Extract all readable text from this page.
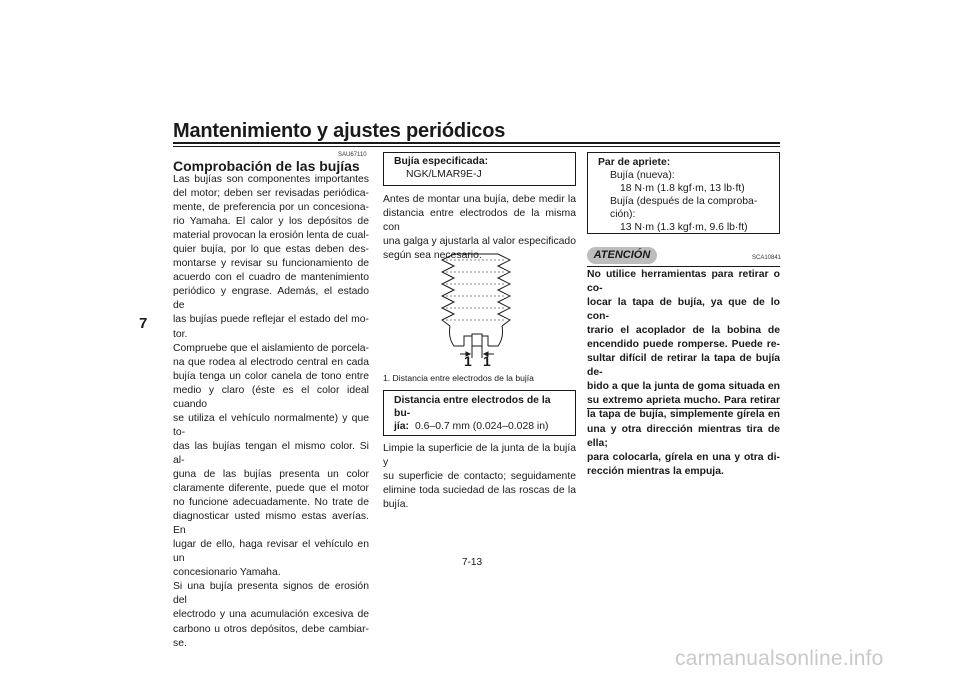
Mantenimiento y ajustes periódicos
7
SAU67110
Comprobación de las bujías
Las bujías son componentes importantes
del motor; deben ser revisadas periódica-
mente, de preferencia por un concesiona-
rio Yamaha. El calor y los depósitos de
material provocan la erosión lenta de cual-
quier bujía, por lo que estas deben des-
montarse y revisar su funcionamiento de
acuerdo con el cuadro de mantenimiento
periódico y engrase. Además, el estado de
las bujías puede reflejar el estado del mo-
tor.
Compruebe que el aislamiento de porcela-
na que rodea al electrodo central en cada
bujía tenga un color canela de tono entre
medio y claro (éste es el color ideal cuando
se utiliza el vehículo normalmente) y que to-
das las bujías tengan el mismo color. Si al-
guna de las bujías presenta un color
claramente diferente, puede que el motor
no funcione adecuadamente. No trate de
diagnosticar usted mismo estas averías. En
lugar de ello, haga revisar el vehículo en un
concesionario Yamaha.
Si una bujía presenta signos de erosión del
electrodo y una acumulación excesiva de
carbono u otros depósitos, debe cambiar-
se.
Bujía especificada:
NGK/LMAR9E-J
Antes de montar una bujía, debe medir la
distancia entre electrodos de la misma con
una galga y ajustarla al valor especificado
según sea necesario.
1 1
1. Distancia entre electrodos de la bujía
Distancia entre electrodos de la bu-
jía: 0.6–0.7 mm (0.024–0.028 in)
Limpie la superficie de la junta de la bujía y
su superficie de contacto; seguidamente
elimine toda suciedad de las roscas de la
bujía.
Par de apriete:
Bujía (nueva):
18 N·m (1.8 kgf·m, 13 lb·ft)
Bujía (después de la comproba-
ción):
13 N·m (1.3 kgf·m, 9.6 lb·ft)
ATENCIÓN	SCA10841
No utilice herramientas para retirar o co-
locar la tapa de bujía, ya que de lo con-
trario el acoplador de la bobina de
encendido puede romperse. Puede re-
sultar difícil de retirar la tapa de bujía de-
bido a que la junta de goma situada en
su extremo aprieta mucho. Para retirar
la tapa de bujía, simplemente gírela en
una y otra dirección mientras tira de ella;
para colocarla, gírela en una y otra di-
rección mientras la empuja.
7-13
carmanualsonline.info
